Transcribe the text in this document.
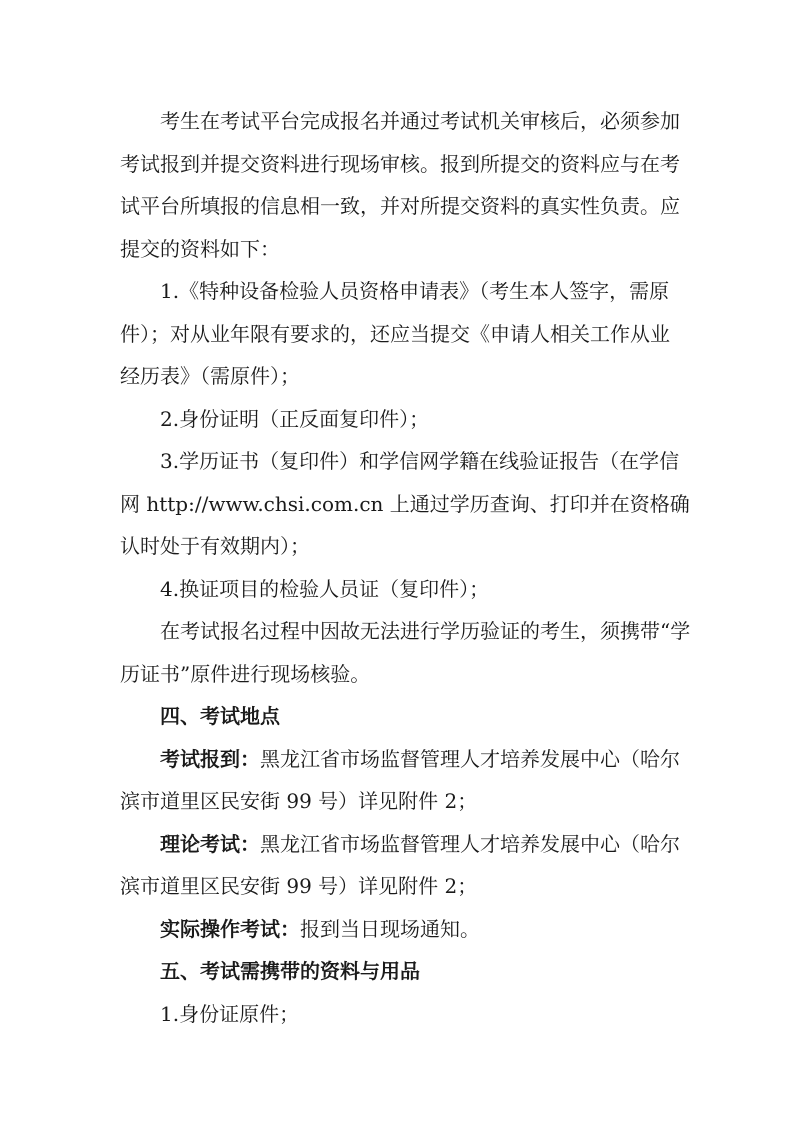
考生在考试平台完成报名并通过考试机关审核后，必须参加
考试报到并提交资料进行现场审核。报到所提交的资料应与在考
试平台所填报的信息相一致，并对所提交资料的真实性负责。应
提交的资料如下：

1.《特种设备检验人员资格申请表》（考生本人签字，需原
件）；对从业年限有要求的，还应当提交《申请人相关工作从业
经历表》（需原件）；

2.身份证明（正反面复印件）；

3.学历证书（复印件）和学信网学籍在线验证报告（在学信
网 http://www.chsi.com.cn 上通过学历查询、打印并在资格确
认时处于有效期内）；

4.换证项目的检验人员证（复印件）；

在考试报名过程中因故无法进行学历验证的考生，须携带“学
历证书”原件进行现场核验。

四、考试地点

考试报到：黑龙江省市场监督管理人才培养发展中心（哈尔
滨市道里区民安街 99 号）详见附件 2；

理论考试：黑龙江省市场监督管理人才培养发展中心（哈尔
滨市道里区民安街 99 号）详见附件 2；

实际操作考试：报到当日现场通知。

五、考试需携带的资料与用品

1.身份证原件；
